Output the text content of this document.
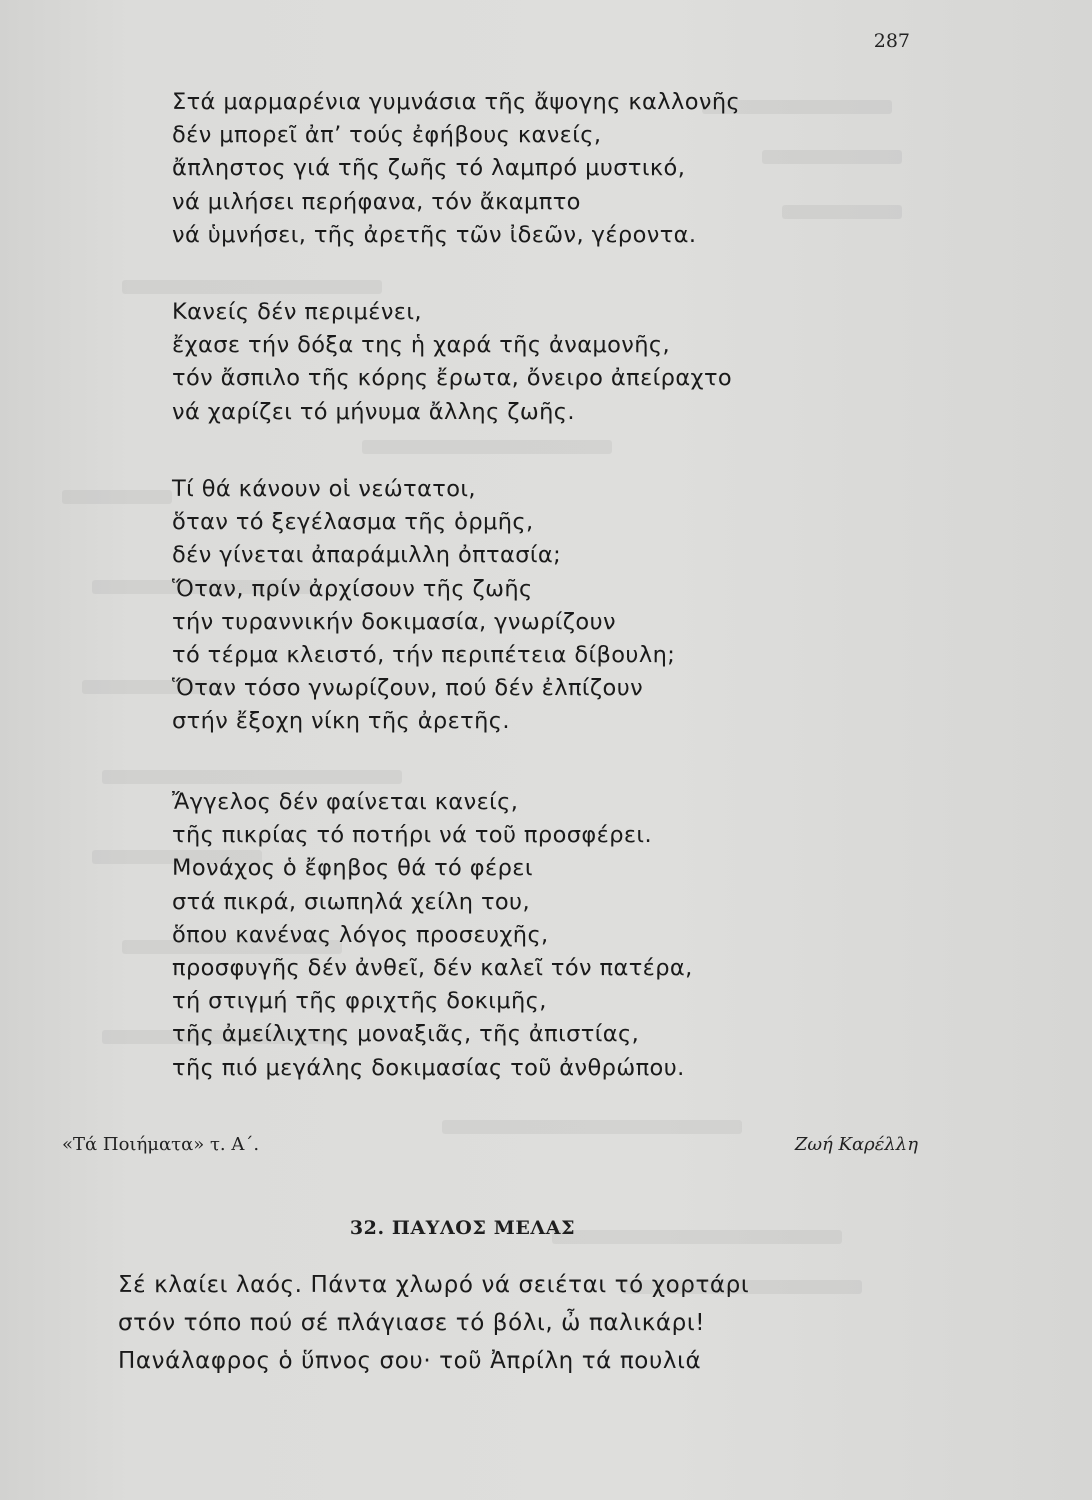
287
Στά μαρμαρένια γυμνάσια τῆς ἄψογης καλλονῆς
δέν μπορεῖ ἀπ’ τούς ἐφήβους κανείς,
ἄπληστος γιά τῆς ζωῆς τό λαμπρό μυστικό,
νά μιλήσει περήφανα, τόν ἄκαμπτο
νά ὑμνήσει, τῆς ἀρετῆς τῶν ἰδεῶν, γέροντα.
Κανείς δέν περιμένει,
ἔχασε τήν δόξα της ἡ χαρά τῆς ἀναμονῆς,
τόν ἄσπιλο τῆς κόρης ἔρωτα, ὄνειρο ἀπείραχτο
νά χαρίζει τό μήνυμα ἄλλης ζωῆς.
Τί θά κάνουν οἱ νεώτατοι,
ὅταν τό ξεγέλασμα τῆς ὁρμῆς,
δέν γίνεται ἀπαράμιλλη ὀπτασία;
Ὅταν, πρίν ἀρχίσουν τῆς ζωῆς
τήν τυραννικήν δοκιμασία, γνωρίζουν
τό τέρμα κλειστό, τήν περιπέτεια δίβουλη;
Ὅταν τόσο γνωρίζουν, πού δέν ἐλπίζουν
στήν ἔξοχη νίκη τῆς ἀρετῆς.
Ἄγγελος δέν φαίνεται κανείς,
τῆς πικρίας τό ποτήρι νά τοῦ προσφέρει.
Μονάχος ὁ ἔφηβος θά τό φέρει
στά πικρά, σιωπηλά χείλη του,
ὅπου κανένας λόγος προσευχῆς,
προσφυγῆς δέν ἀνθεῖ, δέν καλεῖ τόν πατέρα,
τή στιγμή τῆς φριχτῆς δοκιμῆς,
τῆς ἀμείλιχτης μοναξιᾶς, τῆς ἀπιστίας,
τῆς πιό μεγάλης δοκιμασίας τοῦ ἀνθρώπου.
«Τά Ποιήματα» τ. Α΄.	Ζωή Καρέλλη
32. ΠΑΥΛΟΣ ΜΕΛΑΣ
Σέ κλαίει λαός. Πάντα χλωρό νά σειέται τό χορτάρι
στόν τόπο πού σέ πλάγιασε τό βόλι, ὦ παλικάρι!
Πανάλαφρος ὁ ὕπνος σου· τοῦ Ἀπρίλη τά πουλιά
